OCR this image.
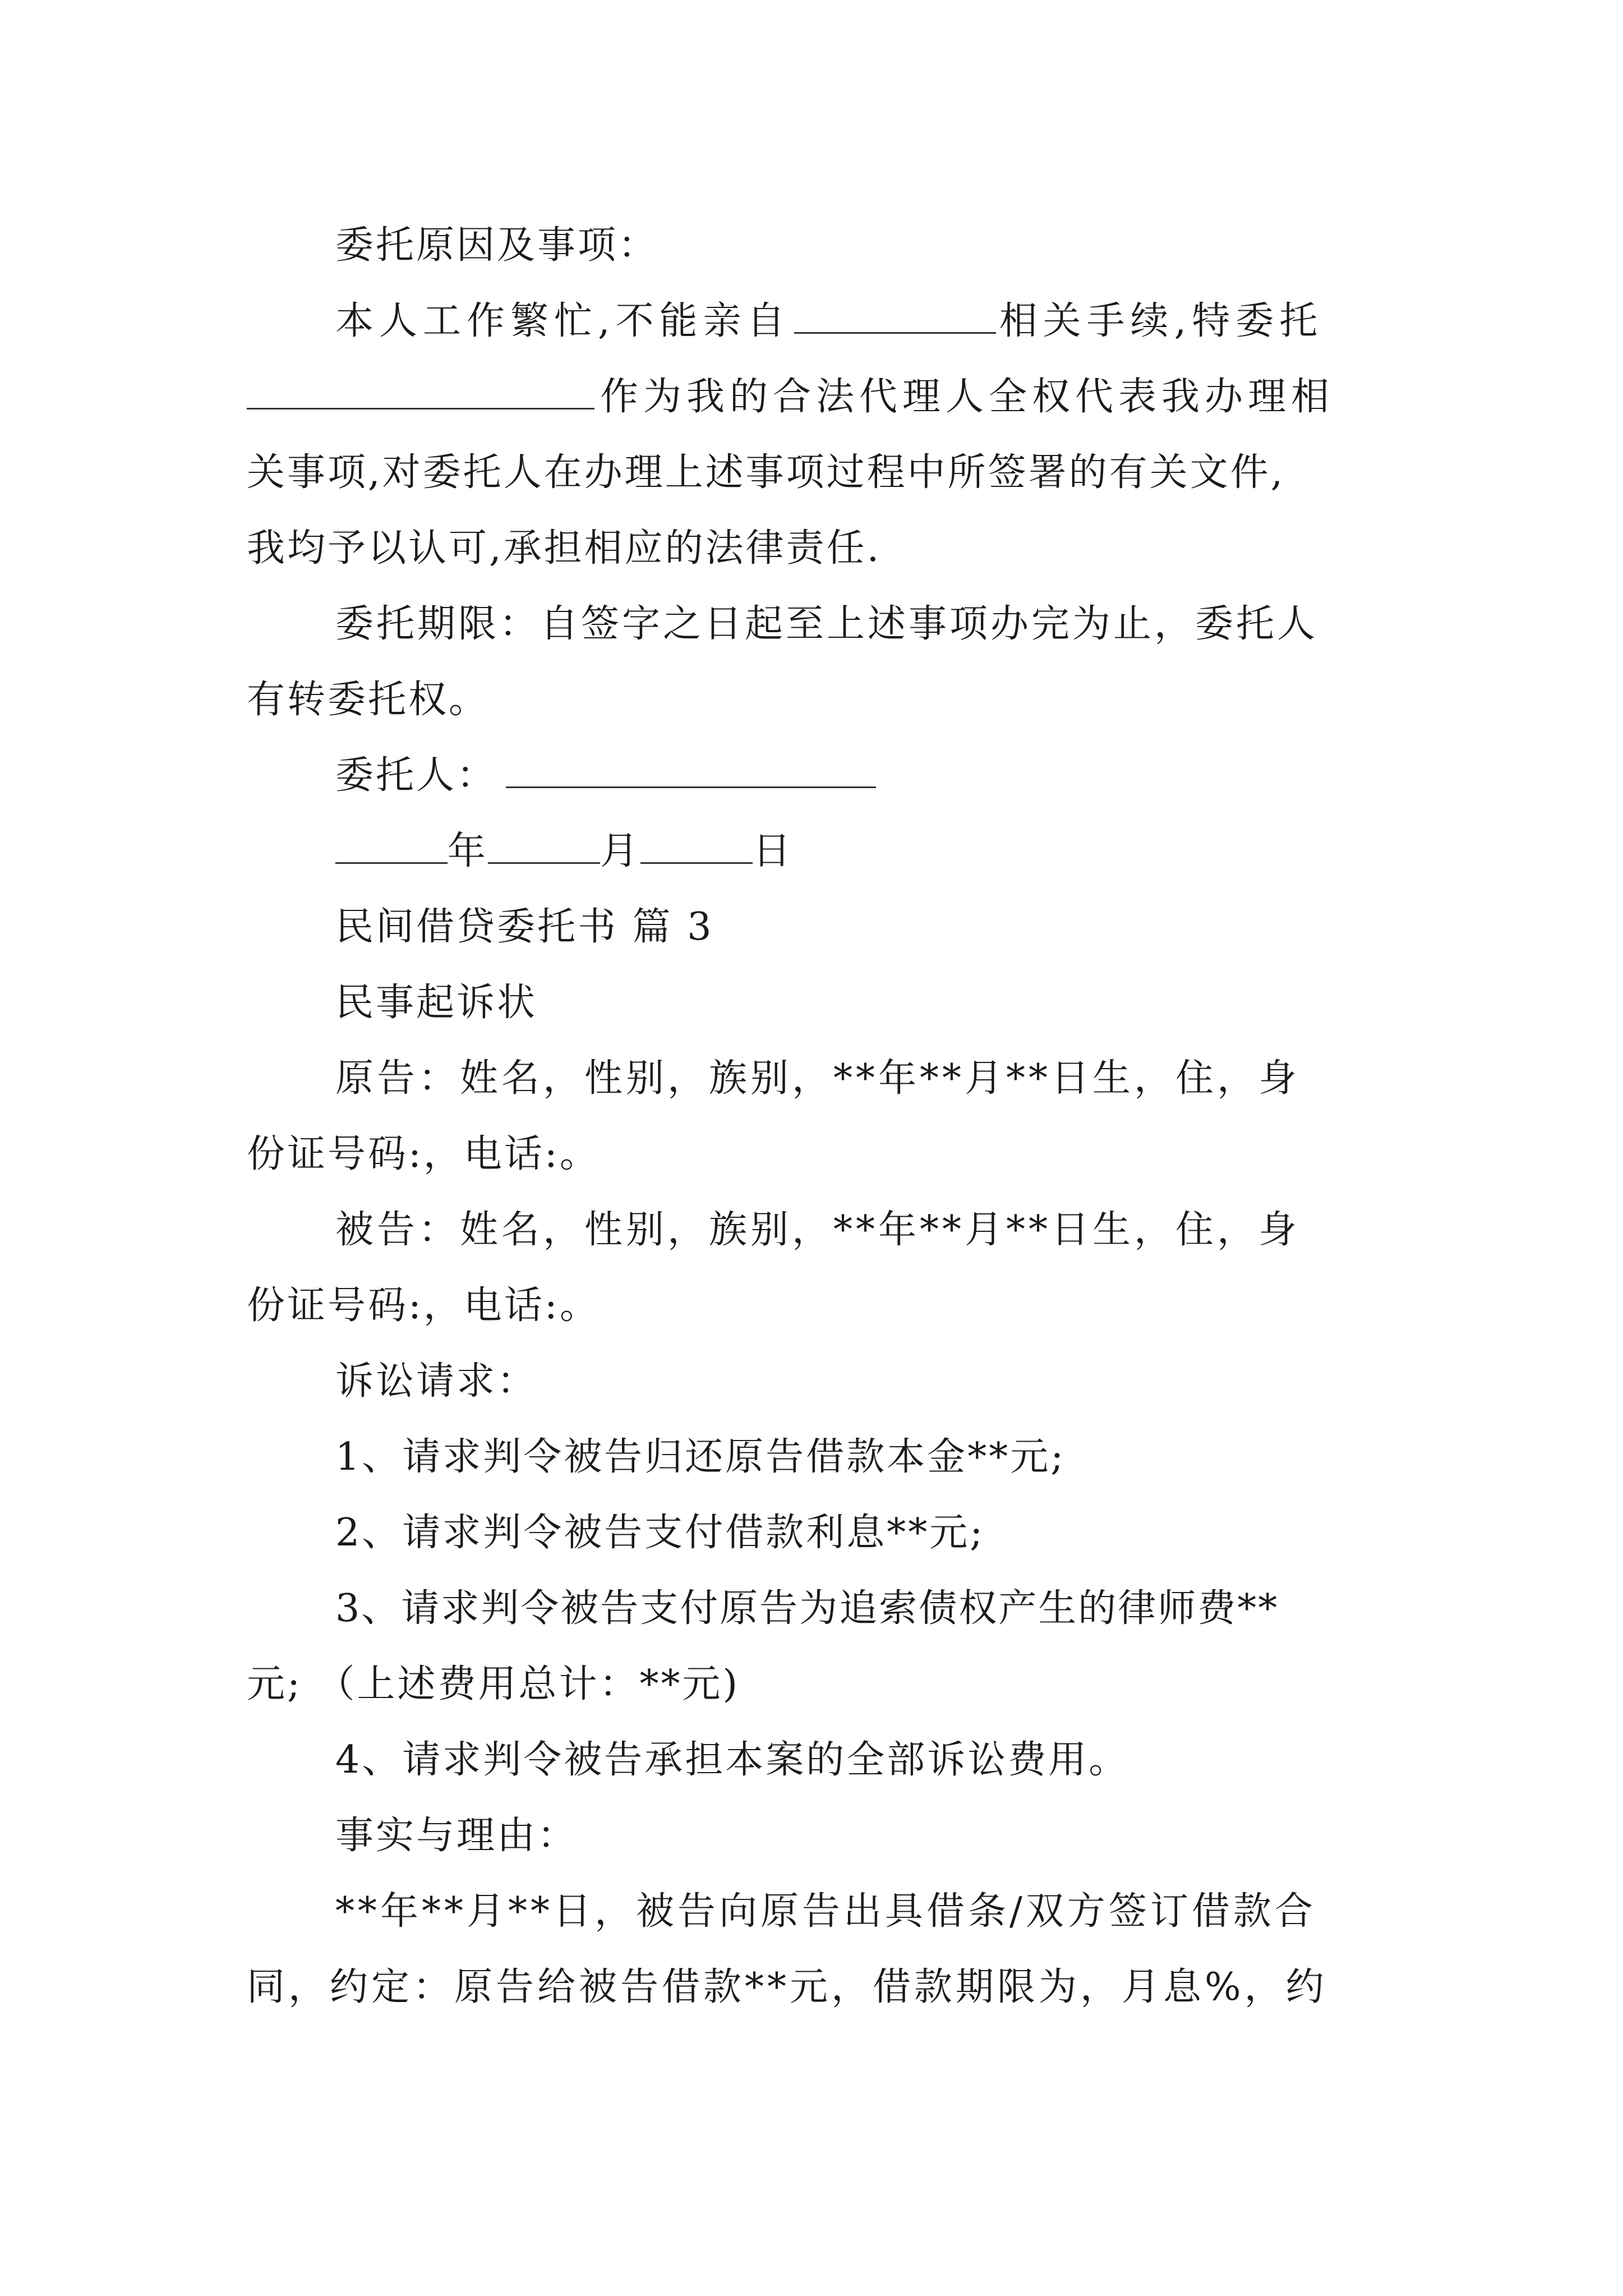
委托原因及事项：
本人工作繁忙,不能亲自	相关手续,特委托
作为我的合法代理人全权代表我办理相
关事项,对委托人在办理上述事项过程中所签署的有关文件,
我均予以认可,承担相应的法律责任.
委托期限：自签字之日起至上述事项办完为止，委托人
有转委托权。
委托人：
年	月	日
民间借贷委托书 篇 3
民事起诉状
原告：姓名，性别，族别，**年**月**日生，住，身
份证号码:，电话:。
被告：姓名，性别，族别，**年**月**日生，住，身
份证号码:，电话:。
诉讼请求：
1、请求判令被告归还原告借款本金**元;
2、请求判令被告支付借款利息**元;
3、请求判令被告支付原告为追索债权产生的律师费**
元; （上述费用总计：**元)
4、请求判令被告承担本案的全部诉讼费用。
事实与理由：
**年**月**日，被告向原告出具借条/双方签订借款合
同，约定：原告给被告借款**元，借款期限为，月息%，约
